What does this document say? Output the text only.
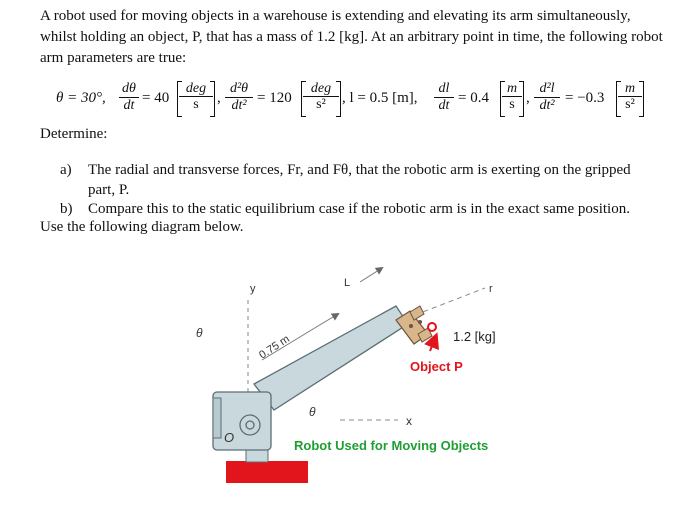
A robot used for moving objects in a warehouse is extending and elevating its arm simultaneously, whilst holding an object, P, that has a mass of 1.2 [kg]. At an arbitrary point in time, the following robot arm parameters are true:
θ = 30°,
dθ
dt = 40
deg
s	,
d²θ
dt² = 120
deg
s²	, l = 0.5 [m],
dl
dt = 0.4
m
s ,
d²l
dt² = −0.3
m
s²
Determine:
a) The radial and transverse forces, Fr, and Fθ, that the robotic arm is exerting on the gripped
part, P.
b) Compare this to the static equilibrium case if the robotic arm is in the exact same position.
Use the following diagram below.
y
x
r
L
θ
θ
O
0.75 m	1.2 [kg]
Object P
Robot Used for Moving Objects
